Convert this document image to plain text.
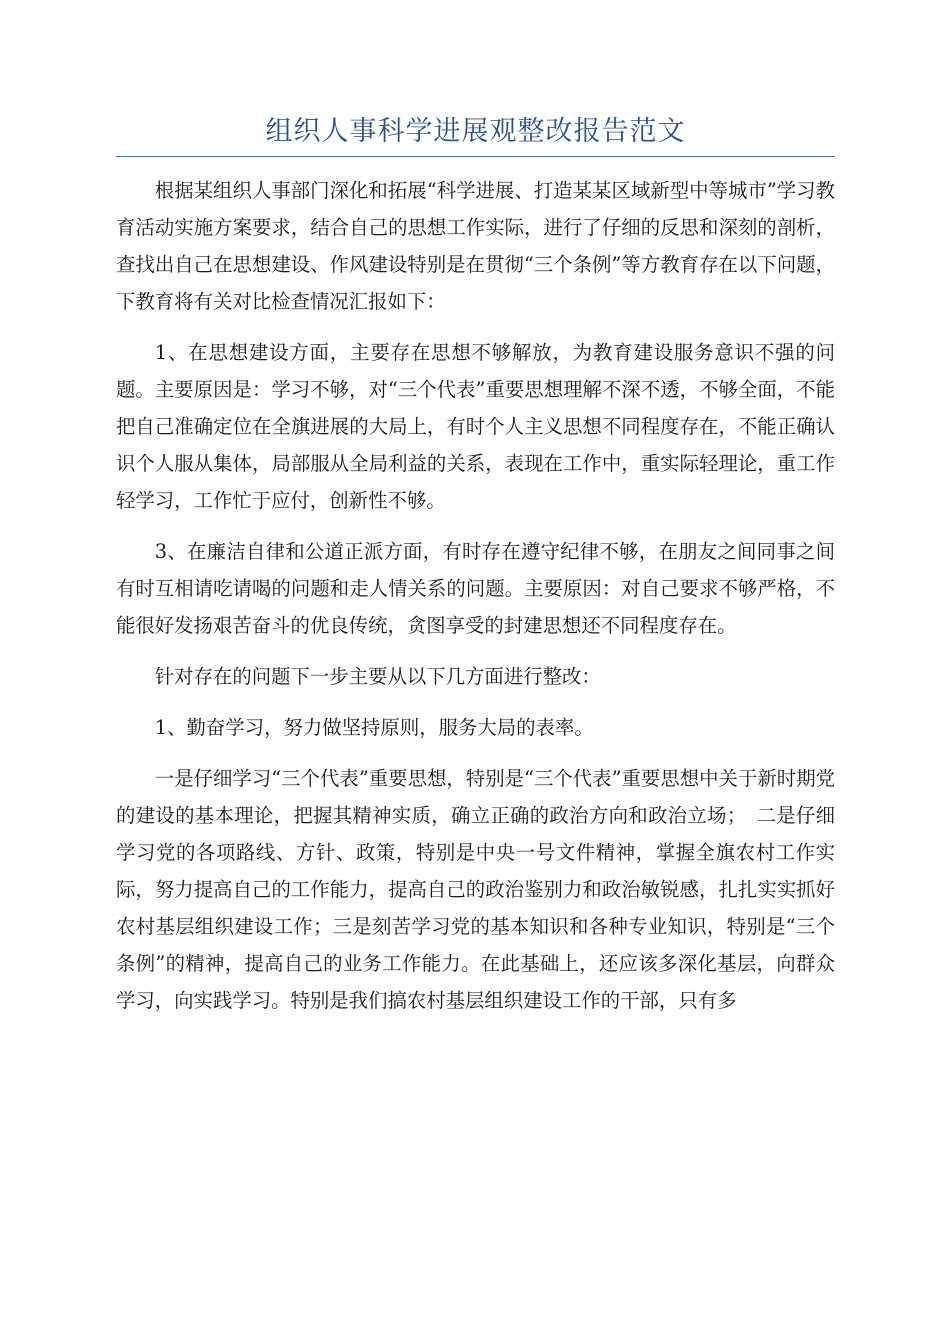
组织人事科学进展观整改报告范文

根据某组织人事部门深化和拓展“科学进展、打造某某区域新型中等城市”学习教育活动实施方案要求，结合自己的思想工作实际，进行了仔细的反思和深刻的剖析，查找出自己在思想建设、作风建设特别是在贯彻“三个条例”等方教育存在以下问题，下教育将有关对比检查情况汇报如下：

1、在思想建设方面，主要存在思想不够解放，为教育建设服务意识不强的问题。主要原因是：学习不够，对“三个代表”重要思想理解不深不透，不够全面，不能把自己准确定位在全旗进展的大局上，有时个人主义思想不同程度存在，不能正确认识个人服从集体，局部服从全局利益的关系，表现在工作中，重实际轻理论，重工作轻学习，工作忙于应付，创新性不够。

3、在廉洁自律和公道正派方面，有时存在遵守纪律不够，在朋友之间同事之间有时互相请吃请喝的问题和走人情关系的问题。主要原因：对自己要求不够严格，不能很好发扬艰苦奋斗的优良传统，贪图享受的封建思想还不同程度存在。

针对存在的问题下一步主要从以下几方面进行整改：

1、勤奋学习，努力做坚持原则，服务大局的表率。

一是仔细学习“三个代表”重要思想，特别是“三个代表”重要思想中关于新时期党的建设的基本理论，把握其精神实质，确立正确的政治方向和政治立场；　二是仔细学习党的各项路线、方针、政策，特别是中央一号文件精神，掌握全旗农村工作实际，努力提高自己的工作能力，提高自己的政治鉴别力和政治敏锐感，扎扎实实抓好农村基层组织建设工作；三是刻苦学习党的基本知识和各种专业知识，特别是“三个条例”的精神，提高自己的业务工作能力。在此基础上，还应该多深化基层，向群众学习，向实践学习。特别是我们搞农村基层组织建设工作的干部，只有多
